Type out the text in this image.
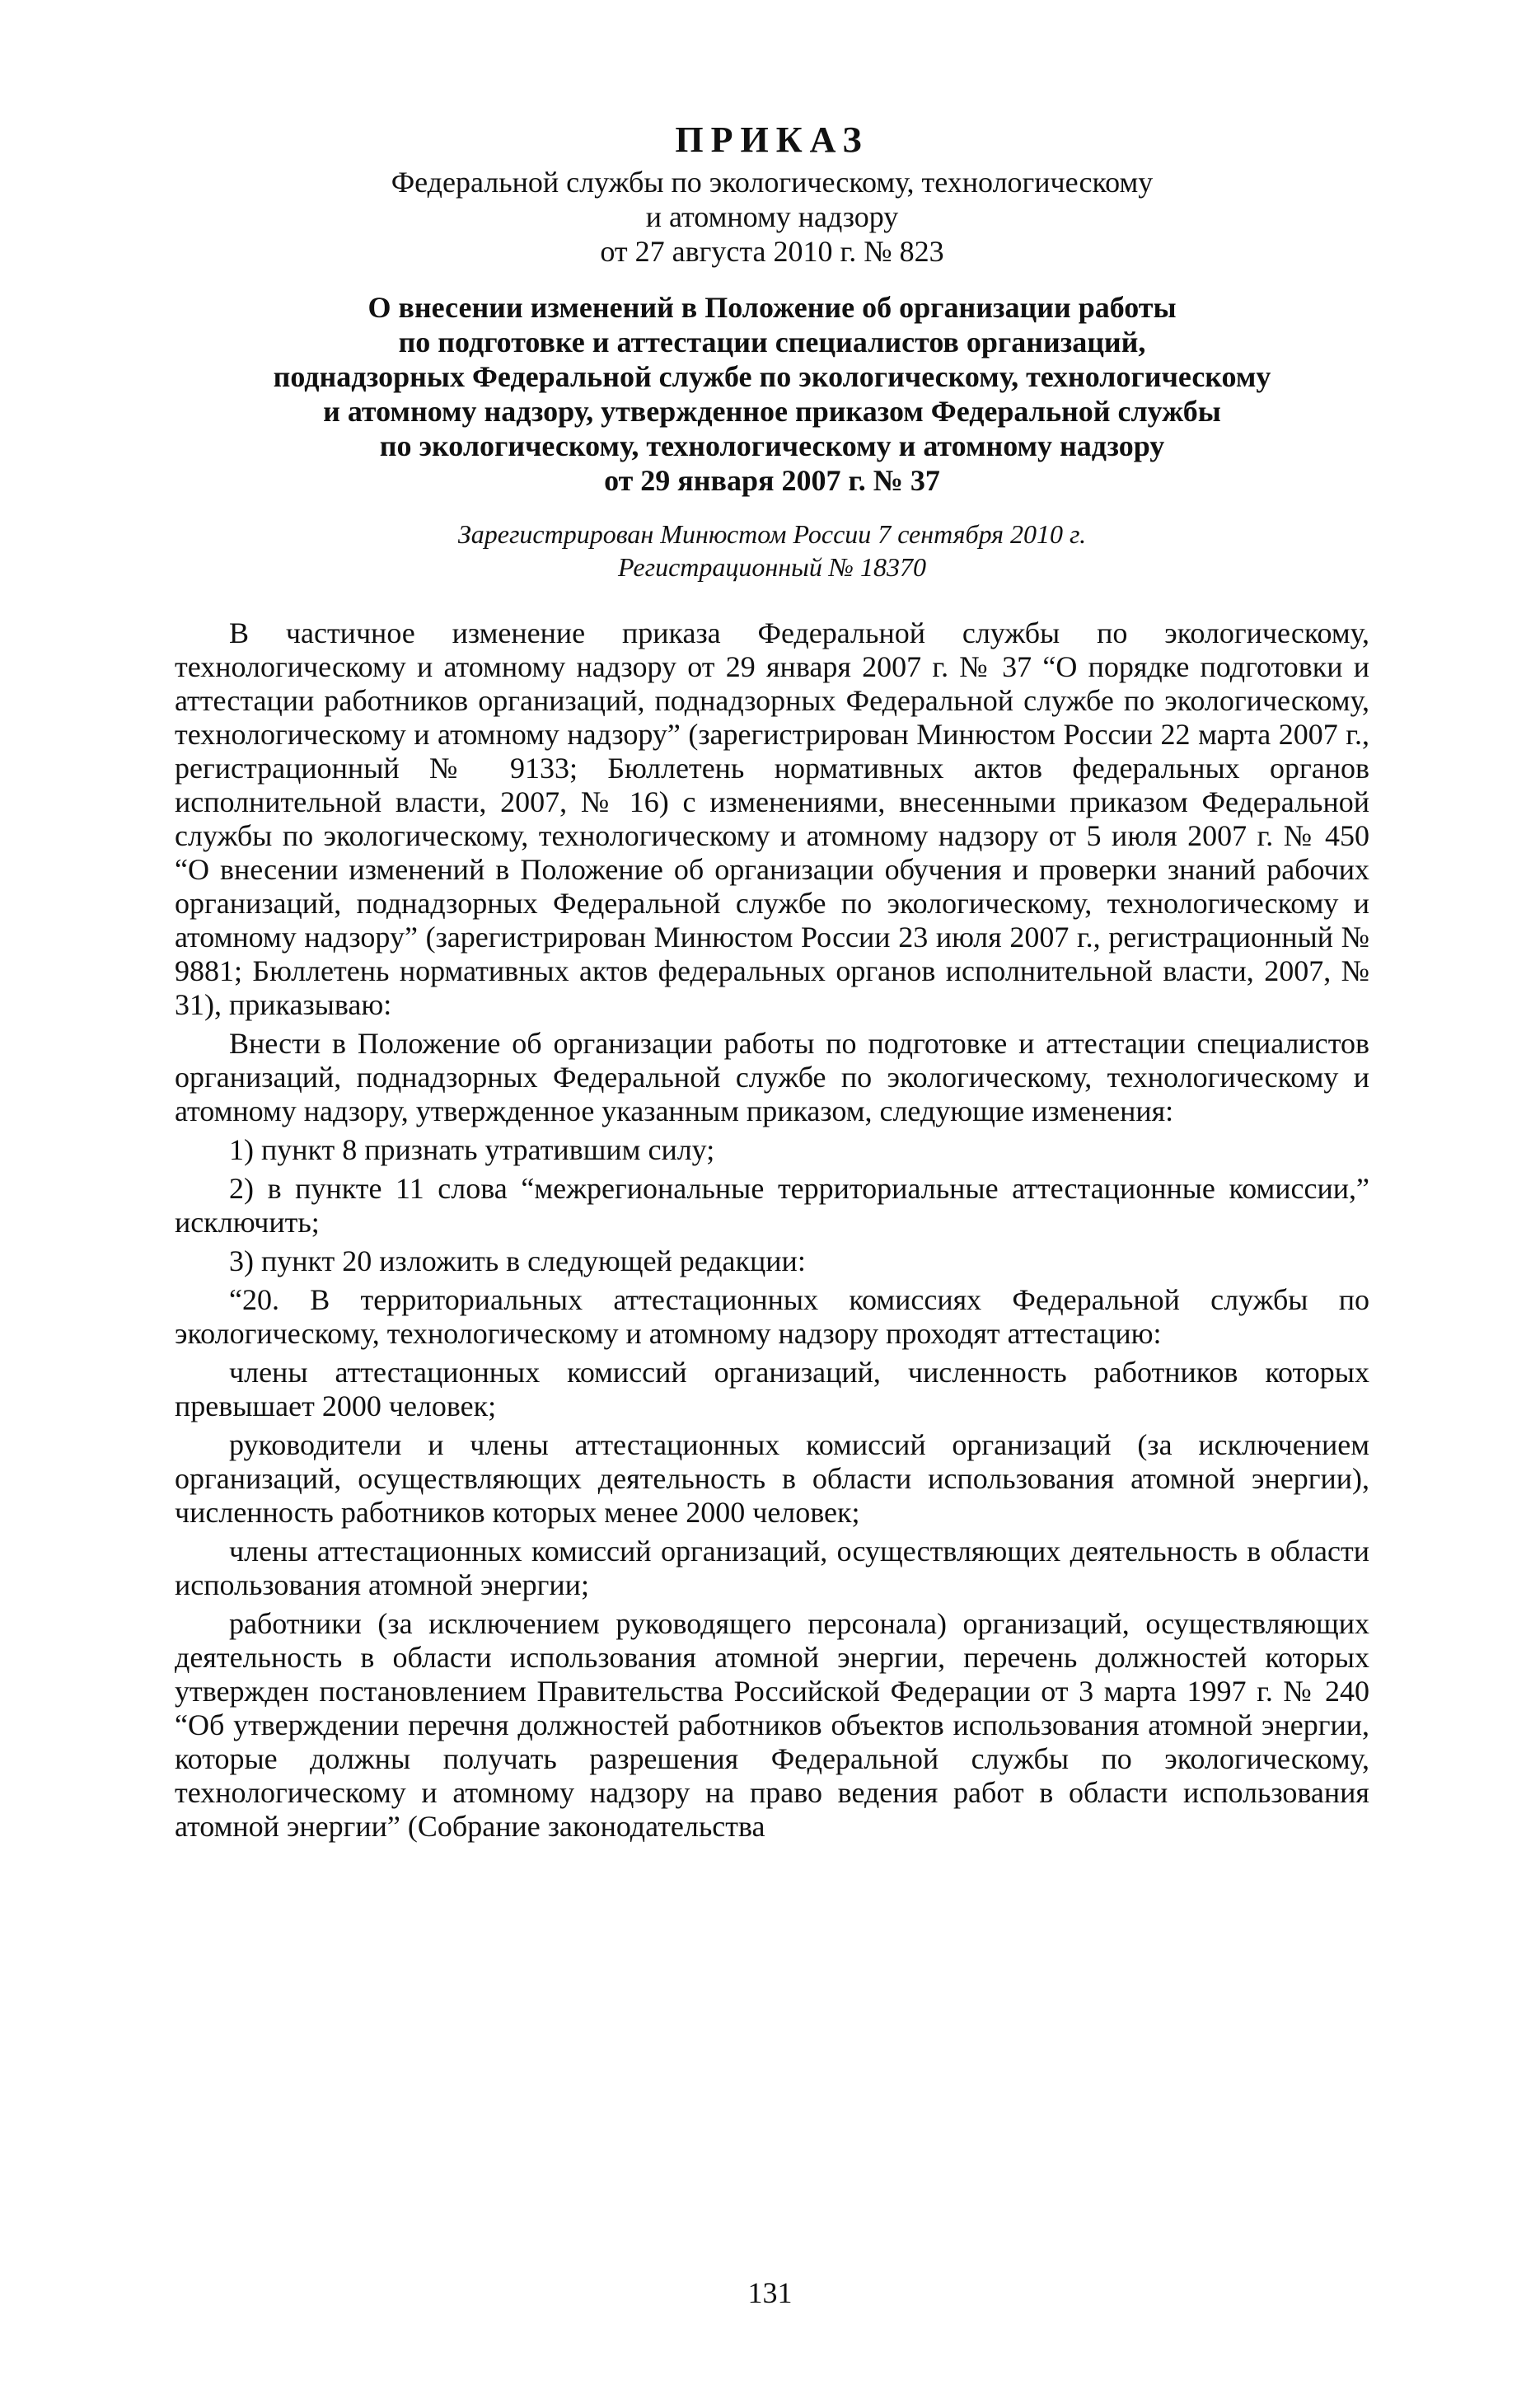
ПРИКАЗ

Федеральной службы по экологическому, технологическому

и атомному надзору

от 27 августа 2010 г. № 823

О внесении изменений в Положение об организации работы
по подготовке и аттестации специалистов организаций,
поднадзорных Федеральной службе по экологическому, технологическому
и атомному надзору, утвержденное приказом Федеральной службы
по экологическому, технологическому и атомному надзору
от 29 января 2007 г. № 37
Зарегистрирован Минюстом России 7 сентября 2010 г.
Регистрационный № 18370

В частичное изменение приказа Федеральной службы по экологическому, технологическому и атомному надзору от 29 января 2007 г. № 37 “О порядке подготовки и аттестации работников организаций, поднадзорных Федеральной службе по экологическому, технологическому и атомному надзору” (зарегистрирован Минюстом России 22 марта 2007 г., регистрационный № 9133; Бюллетень нормативных актов федеральных органов исполнительной власти, 2007, № 16) с изменениями, внесенными приказом Федеральной службы по экологическому, технологическому и атомному надзору от 5 июля 2007 г. № 450 “О внесении изменений в Положение об организации обучения и проверки знаний рабочих организаций, поднадзорных Федеральной службе по экологическому, технологическому и атомному надзору” (зарегистрирован Минюстом России 23 июля 2007 г., регистрационный № 9881; Бюллетень нормативных актов федеральных органов исполнительной власти, 2007, № 31), приказываю:

Внести в Положение об организации работы по подготовке и аттестации специалистов организаций, поднадзорных Федеральной службе по экологическому, технологическому и атомному надзору, утвержденное указанным приказом, следующие изменения:

1) пункт 8 признать утратившим силу;

2) в пункте 11 слова “межрегиональные территориальные аттестационные комиссии,” исключить;

3) пункт 20 изложить в следующей редакции:

“20. В территориальных аттестационных комиссиях Федеральной службы по экологическому, технологическому и атомному надзору проходят аттестацию:

члены аттестационных комиссий организаций, численность работников которых превышает 2000 человек;

руководители и члены аттестационных комиссий организаций (за исключением организаций, осуществляющих деятельность в области использования атомной энергии), численность работников которых менее 2000 человек;

члены аттестационных комиссий организаций, осуществляющих деятельность в области использования атомной энергии;

работники (за исключением руководящего персонала) организаций, осуществляющих деятельность в области использования атомной энергии, перечень должностей которых утвержден постановлением Правительства Российской Федерации от 3 марта 1997 г. № 240 “Об утверждении перечня должностей работников объектов использования атомной энергии, которые должны получать разрешения Федеральной службы по экологическому, технологическому и атомному надзору на право ведения работ в области использования атомной энергии” (Собрание законодательства

131
